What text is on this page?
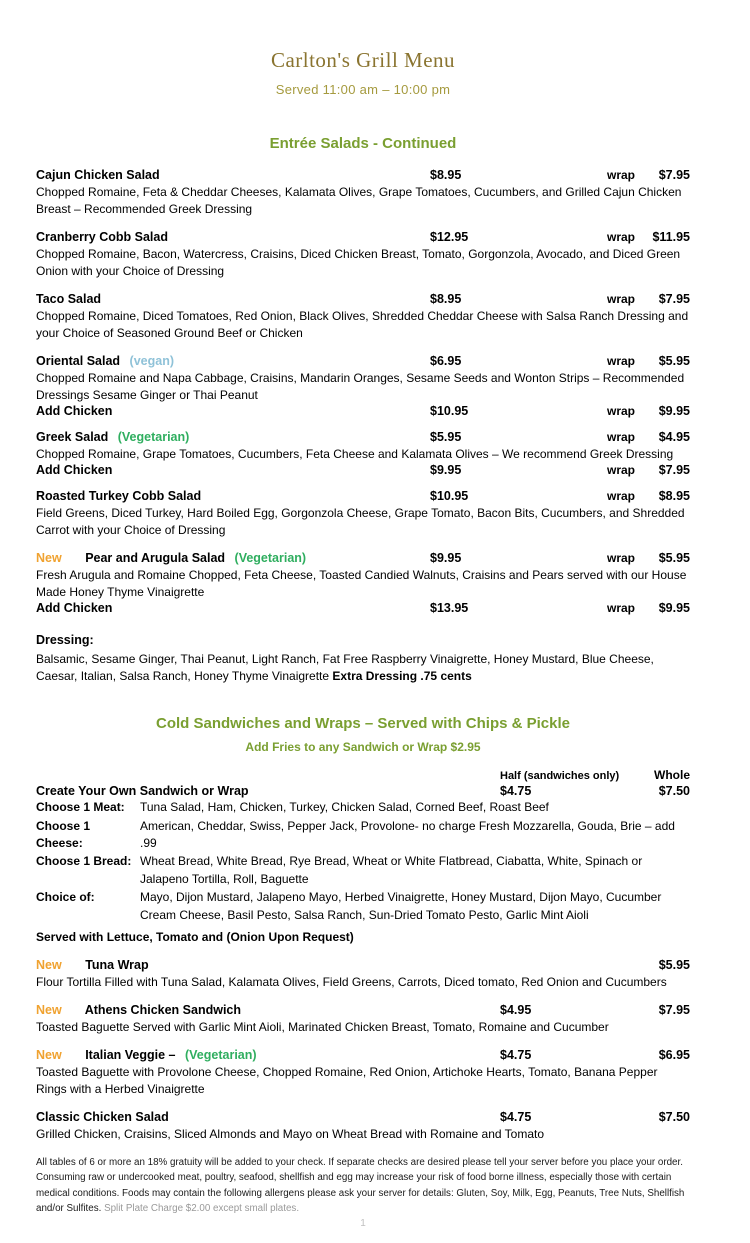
Carlton's Grill Menu
Served 11:00 am – 10:00 pm
Entrée Salads - Continued
Cajun Chicken Salad	$8.95	wrap	$7.95

Chopped Romaine, Feta & Cheddar Cheeses, Kalamata Olives, Grape Tomatoes, Cucumbers, and Grilled Cajun Chicken Breast – Recommended Greek Dressing

Cranberry Cobb Salad	$12.95	wrap	$11.95

Chopped Romaine, Bacon, Watercress, Craisins, Diced Chicken Breast, Tomato, Gorgonzola, Avocado, and Diced Green Onion with your Choice of Dressing

Taco Salad	$8.95	wrap	$7.95

Chopped Romaine, Diced Tomatoes, Red Onion, Black Olives, Shredded Cheddar Cheese with Salsa Ranch Dressing and your Choice of Seasoned Ground Beef or Chicken

Oriental Salad (vegan)	$6.95	wrap	$5.95

Chopped Romaine and Napa Cabbage, Craisins, Mandarin Oranges, Sesame Seeds and Wonton Strips – Recommended Dressings Sesame Ginger or Thai Peanut

Add Chicken	$10.95	wrap	$9.95
Greek Salad (Vegetarian)	$5.95	wrap	$4.95

Chopped Romaine, Grape Tomatoes, Cucumbers, Feta Cheese and Kalamata Olives – We recommend Greek Dressing

Add Chicken	$9.95	wrap	$7.95
Roasted Turkey Cobb Salad	$10.95	wrap	$8.95

Field Greens, Diced Turkey, Hard Boiled Egg, Gorgonzola Cheese, Grape Tomato, Bacon Bits, Cucumbers, and Shredded Carrot with your Choice of Dressing

New Pear and Arugula Salad (Vegetarian)	$9.95	wrap	$5.95

Fresh Arugula and Romaine Chopped, Feta Cheese, Toasted Candied Walnuts, Craisins and Pears served with our House Made Honey Thyme Vinaigrette

Add Chicken	$13.95	wrap	$9.95
Dressing:
Balsamic, Sesame Ginger, Thai Peanut, Light Ranch, Fat Free Raspberry Vinaigrette, Honey Mustard, Blue Cheese, Caesar, Italian, Salsa Ranch, Honey Thyme Vinaigrette Extra Dressing .75 cents
Cold Sandwiches and Wraps – Served with Chips & Pickle
Add Fries to any Sandwich or Wrap $2.95
Half (sandwiches only)	Whole
Create Your Own Sandwich or Wrap	$4.75	$7.50
Choose 1 Meat:	Tuna Salad, Ham, Chicken, Turkey, Chicken Salad, Corned Beef, Roast Beef
Choose 1 Cheese:
American, Cheddar, Swiss, Pepper Jack, Provolone- no charge Fresh Mozzarella, Gouda, Brie – add .99
Choose 1 Bread: Wheat Bread, White Bread, Rye Bread, Wheat or White Flatbread, Ciabatta, White, Spinach or Jalapeno Tortilla, Roll, Baguette
Choice of:	Mayo, Dijon Mustard, Jalapeno Mayo, Herbed Vinaigrette, Honey Mustard, Dijon Mayo, Cucumber Cream Cheese, Basil Pesto, Salsa Ranch, Sun-Dried Tomato Pesto, Garlic Mint Aioli
Served with Lettuce, Tomato and (Onion Upon Request)
New Tuna Wrap	$5.95

Flour Tortilla Filled with Tuna Salad, Kalamata Olives, Field Greens, Carrots, Diced tomato, Red Onion and Cucumbers

New Athens Chicken Sandwich	$4.95	$7.95

Toasted Baguette Served with Garlic Mint Aioli, Marinated Chicken Breast, Tomato, Romaine and Cucumber

New Italian Veggie – (Vegetarian)	$4.75	$6.95

Toasted Baguette with Provolone Cheese, Chopped Romaine, Red Onion, Artichoke Hearts, Tomato, Banana Pepper Rings with a Herbed Vinaigrette

Classic Chicken Salad	$4.75	$7.50

Grilled Chicken, Craisins, Sliced Almonds and Mayo on Wheat Bread with Romaine and Tomato

All tables of 6 or more an 18% gratuity will be added to your check. If separate checks are desired please tell your server before you place your order. Consuming raw or undercooked meat, poultry, seafood, shellfish and egg may increase your risk of food borne illness, especially those with certain medical conditions. Foods may contain the following allergens please ask your server for details: Gluten, Soy, Milk, Egg, Peanuts, Tree Nuts, Shellfish and/or Sulfites. Split Plate Charge $2.00 except small plates.
1
